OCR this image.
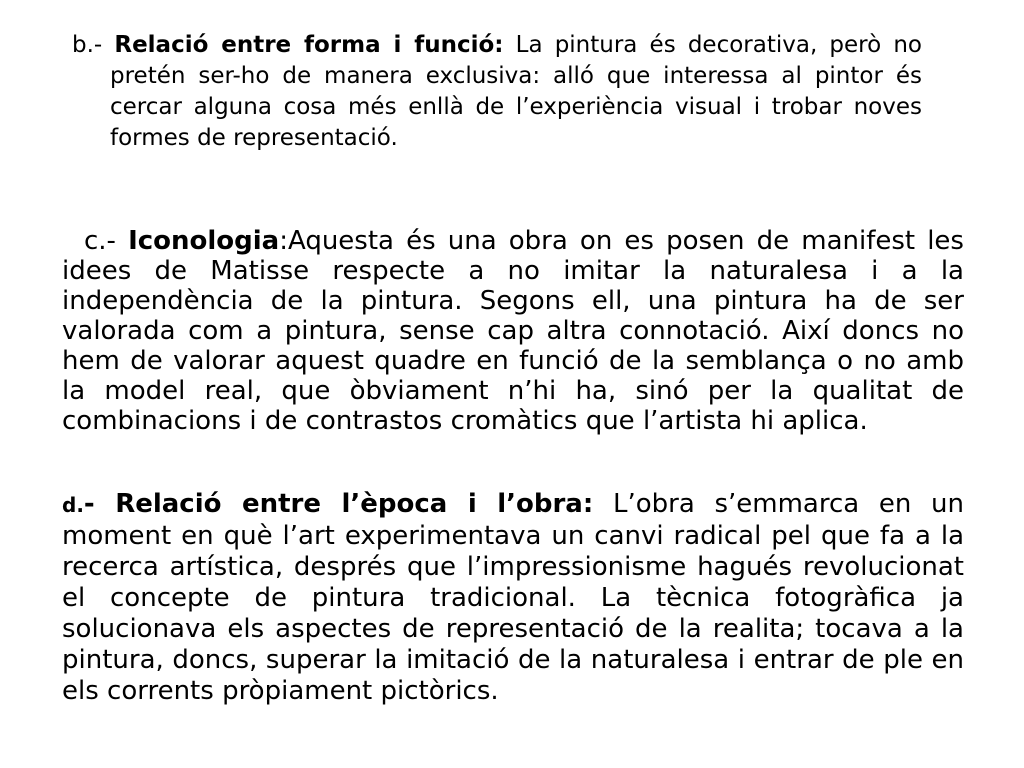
b.- Relació entre forma i funció: La pintura és decorativa, però no pretén ser-ho de manera exclusiva: alló que interessa al pintor és cercar alguna cosa més enllà de l’experiència visual i trobar noves formes de representació.

c.- Iconologia:Aquesta és una obra on es posen de manifest les idees de Matisse respecte a no imitar la naturalesa i a la independència de la pintura. Segons ell, una pintura ha de ser valorada com a pintura, sense cap altra connotació. Així doncs no hem de valorar aquest quadre en funció de la semblança o no amb la model real, que òbviament n’hi ha, sinó per la qualitat de combinacions i de contrastos cromàtics que l’artista hi aplica.

d.- Relació entre l’època i l’obra: L’obra s’emmarca en un moment en què l’art experimentava un canvi radical pel que fa a la recerca artística, després que l’impressionisme hagués revolucionat el concepte de pintura tradicional. La tècnica fotogràfica ja solucionava els aspectes de representació de la realita; tocava a la pintura, doncs, superar la imitació de la naturalesa i entrar de ple en els corrents pròpiament pictòrics.
